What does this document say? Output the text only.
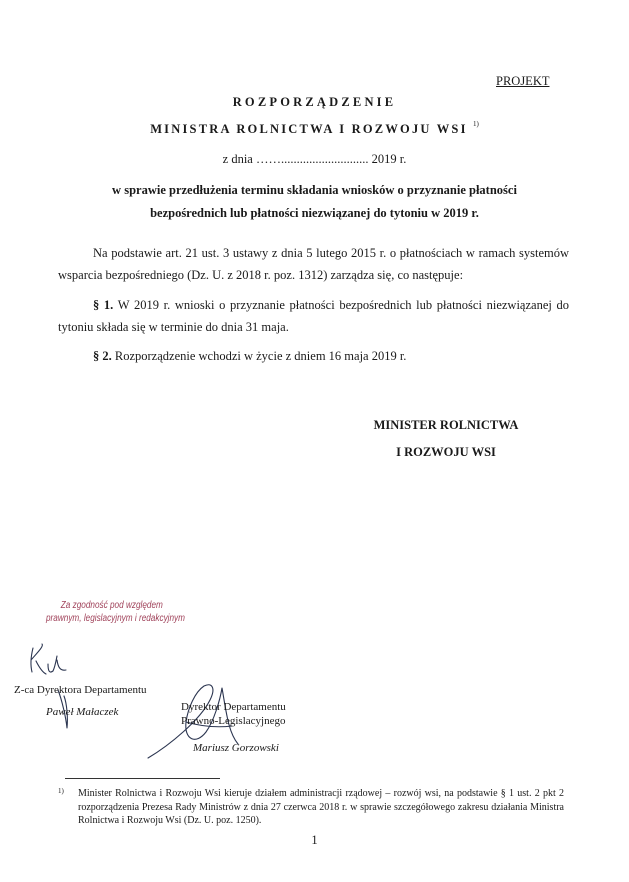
PROJEKT
ROZPORZĄDZENIE
MINISTRA ROLNICTWA I ROZWOJU WSI $^{1)}$
z dnia ……............................ 2019 r.
w sprawie przedłużenia terminu składania wniosków o przyznanie płatności
bezpośrednich lub płatności niezwiązanej do tytoniu w 2019 r.
Na podstawie art. 21 ust. 3 ustawy z dnia 5 lutego 2015 r. o płatnościach w ramach systemów wsparcia bezpośredniego (Dz. U. z 2018 r. poz. 1312) zarządza się, co następuje:
§ 1. W 2019 r. wnioski o przyznanie płatności bezpośrednich lub płatności niezwiązanej do tytoniu składa się w terminie do dnia 31 maja.
§ 2. Rozporządzenie wchodzi w życie z dniem 16 maja 2019 r.
MINISTER ROLNICTWA
I ROZWOJU WSI
Za zgodność pod względem
prawnym, legislacyjnym i redakcyjnym
Z-ca Dyrektora Departamentu
Paweł Małaczek	Dyrektor Departamentu
Prawno-Legislacyjnego
Mariusz Gorzowski
1)	Minister Rolnictwa i Rozwoju Wsi kieruje działem administracji rządowej – rozwój wsi, na podstawie § 1 ust. 2 pkt 2 rozporządzenia Prezesa Rady Ministrów z dnia 27 czerwca 2018 r. w sprawie szczegółowego zakresu działania Ministra Rolnictwa i Rozwoju Wsi (Dz. U. poz. 1250).
1
